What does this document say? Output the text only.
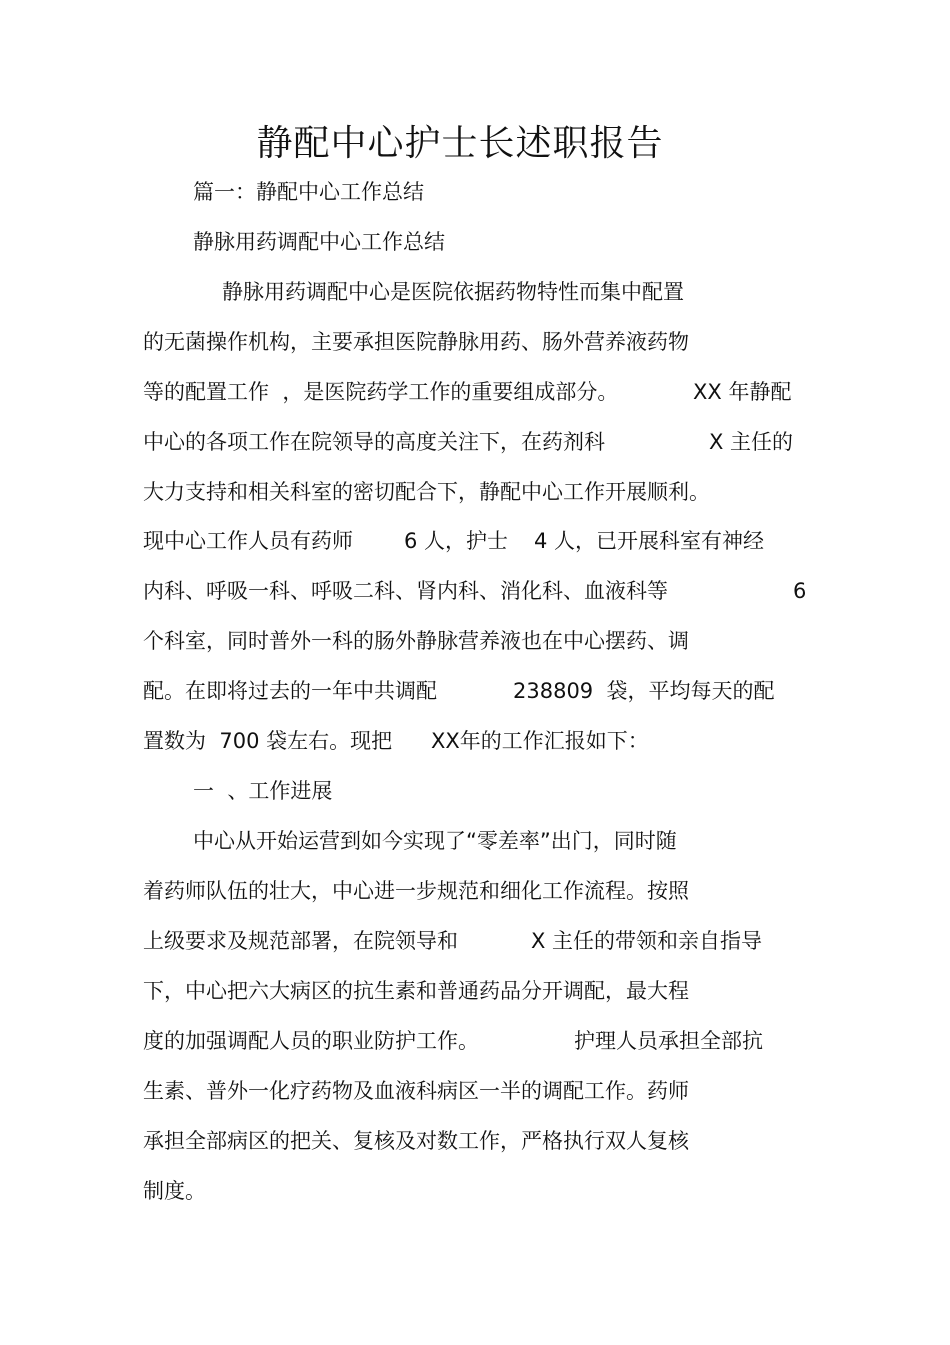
静配中心护士长述职报告
篇一：静配中心工作总结
静脉用药调配中心工作总结
静脉用药调配中心是医院依据药物特性而集中配置
的无菌操作机构，主要承担医院静脉用药、肠外营养液药物
等的配置工作  ，是医院药学工作的重要组成部分。	XX 年静配
中心的各项工作在院领导的高度关注下，在药剂科	X 主任的
大力支持和相关科室的密切配合下，静配中心工作开展顺利。
现中心工作人员有药师 6 人，护士 4 人，已开展科室有神经
内科、呼吸一科、呼吸二科、肾内科、消化科、血液科等	6
个科室，同时普外一科的肠外静脉营养液也在中心摆药、调
配。在即将过去的一年中共调配	238809  袋，平均每天的配
置数为  700 袋左右。现把 XX年的工作汇报如下：
一  、工作进展
中心从开始运营到如今实现了“零差率”出门，同时随
着药师队伍的壮大，中心进一步规范和细化工作流程。按照
上级要求及规范部署，在院领导和	X 主任的带领和亲自指导
下，中心把六大病区的抗生素和普通药品分开调配，最大程
度的加强调配人员的职业防护工作。	护理人员承担全部抗
生素、普外一化疗药物及血液科病区一半的调配工作。药师
承担全部病区的把关、复核及对数工作，严格执行双人复核
制度。
